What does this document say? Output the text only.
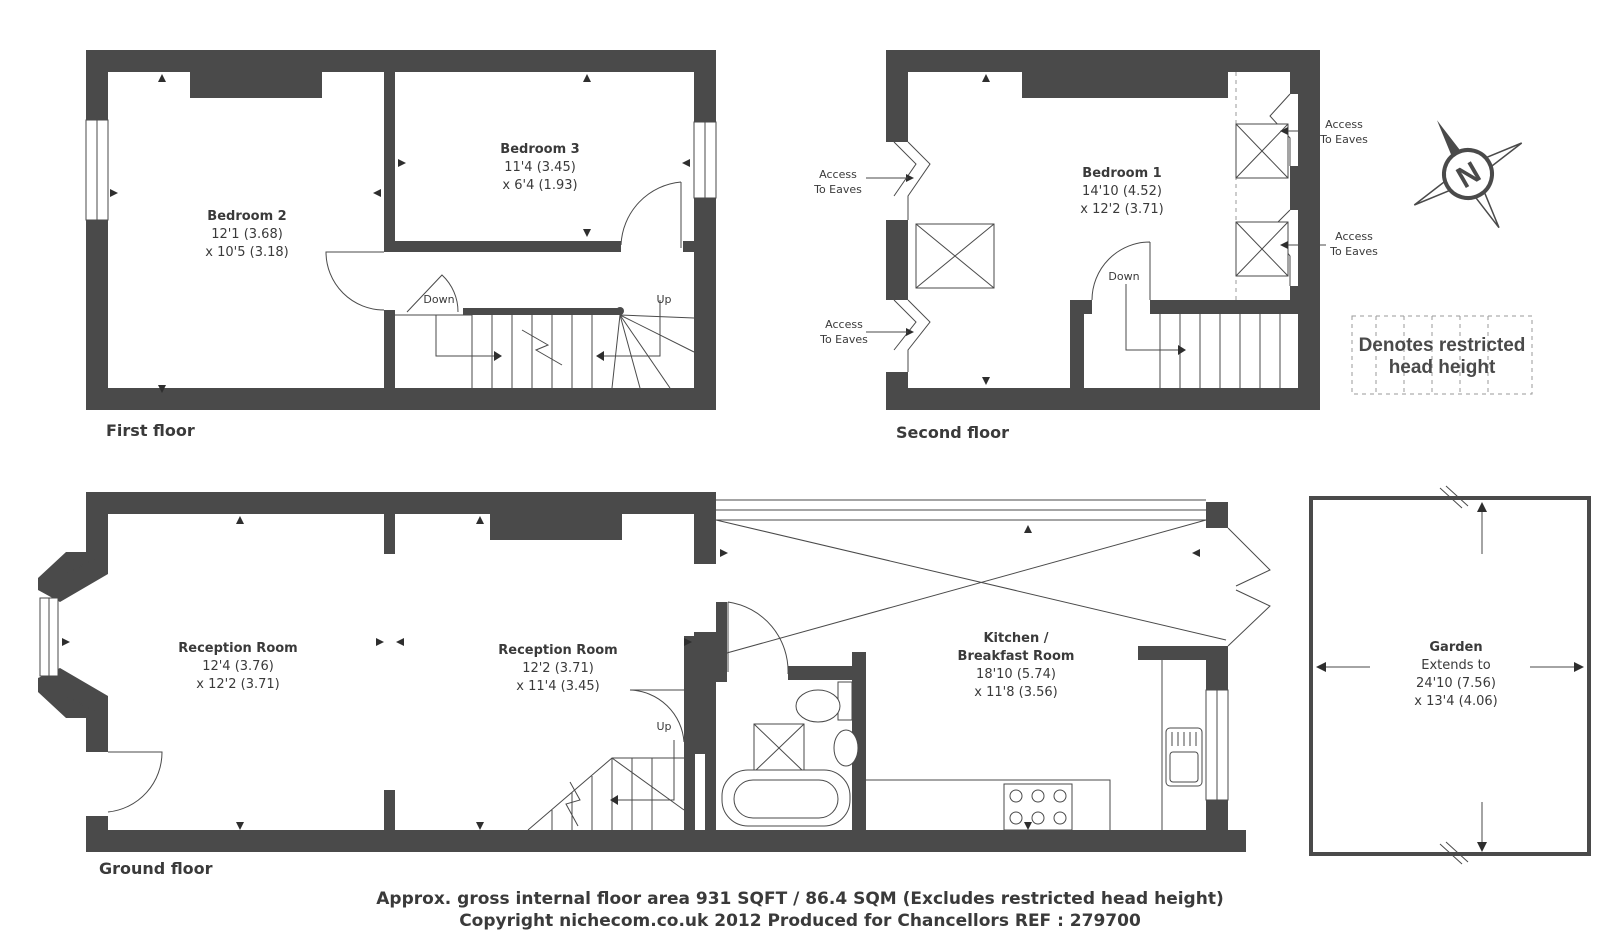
Bedroom 2
12'1 (3.68)
x 10'5 (3.18)
Bedroom 3
11'4 (3.45)
x 6'4 (1.93)
Down	Up
First floor
Bedroom 1
14'10 (4.52)
x 12'2 (3.71)
Down
Access
To Eaves
Access
To Eaves
Access
To Eaves
Access
To Eaves
Second floor
N
Denotes restricted
head height
Reception Room
12'4 (3.76)
x 12'2 (3.71)
Reception Room
12'2 (3.71)
x 11'4 (3.45)
Up
Kitchen /
Breakfast Room
18'10 (5.74)
x 11'8 (3.56)
Ground floor
Garden
Extends to
24'10 (7.56)
x 13'4 (4.06)
Approx. gross internal floor area 931 SQFT / 86.4 SQM (Excludes restricted head height)
Copyright nichecom.co.uk 2012 Produced for Chancellors REF : 279700
